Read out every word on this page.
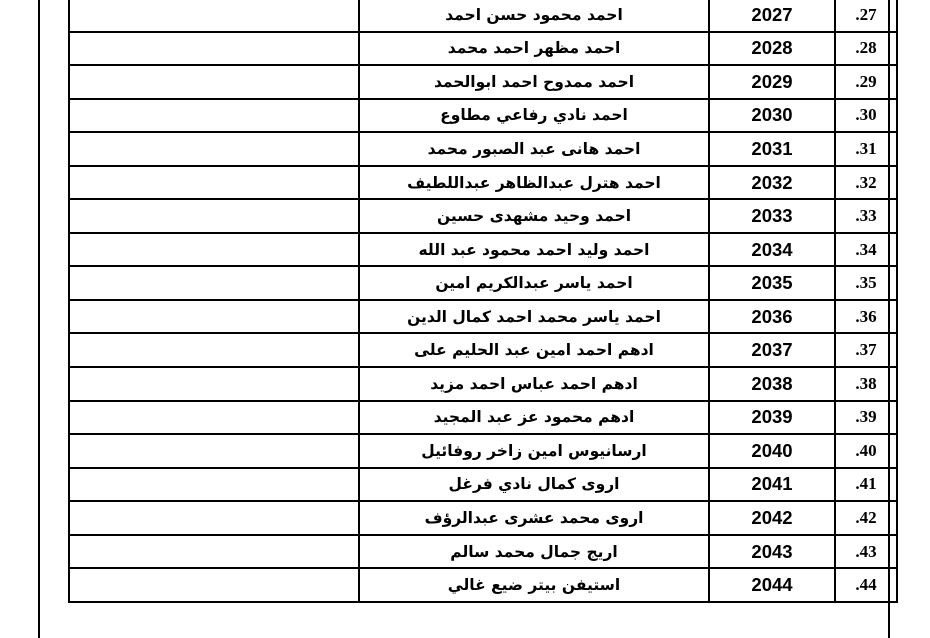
	احمد محمود حسن احمد	2027	.27
	احمد مظهر احمد محمد	2028	.28
	احمد ممدوح احمد ابوالحمد	2029	.29
	احمد نادي رفاعي مطاوع	2030	.30
	احمد هانى عبد الصبور محمد	2031	.31
	احمد هترل عبدالظاهر عبداللطيف	2032	.32
	احمد وحيد مشهدى حسين	2033	.33
	احمد وليد احمد محمود عبد الله	2034	.34
	احمد ياسر عبدالكريم امين	2035	.35
	احمد ياسر محمد احمد كمال الدين	2036	.36
	ادهم احمد امين عبد الحليم على	2037	.37
	ادهم احمد عباس احمد مزيد	2038	.38
	ادهم محمود عز عبد المجيد	2039	.39
	ارسانيوس امين زاخر روفائيل	2040	.40
	اروى كمال نادي فرغل	2041	.41
	اروى محمد عشرى عبدالرؤف	2042	.42
	اريج جمال محمد سالم	2043	.43
	استيفن بيتر ضيع غالي	2044	.44
